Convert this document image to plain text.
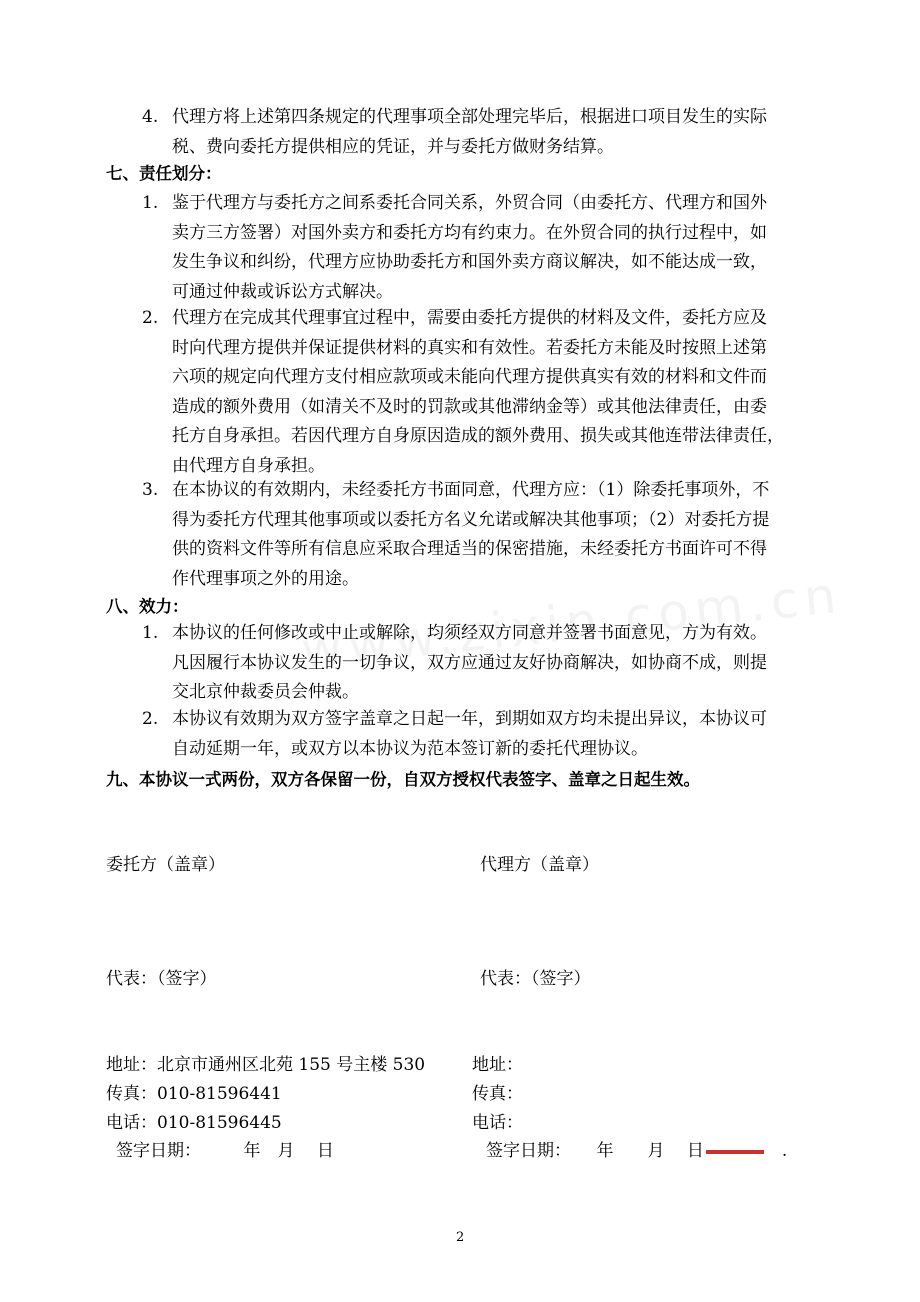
4. 代理方将上述第四条规定的代理事项全部处理完毕后，根据进口项目发生的实际
税、费向委托方提供相应的凭证，并与委托方做财务结算。
七、责任划分：
1. 鉴于代理方与委托方之间系委托合同关系，外贸合同（由委托方、代理方和国外
卖方三方签署）对国外卖方和委托方均有约束力。在外贸合同的执行过程中，如
发生争议和纠纷，代理方应协助委托方和国外卖方商议解决，如不能达成一致，
可通过仲裁或诉讼方式解决。
2. 代理方在完成其代理事宜过程中，需要由委托方提供的材料及文件，委托方应及
时向代理方提供并保证提供材料的真实和有效性。若委托方未能及时按照上述第
六项的规定向代理方支付相应款项或未能向代理方提供真实有效的材料和文件而
造成的额外费用（如清关不及时的罚款或其他滞纳金等）或其他法律责任，由委
托方自身承担。若因代理方自身原因造成的额外费用、损失或其他连带法律责任，
由代理方自身承担。
3. 在本协议的有效期内，未经委托方书面同意，代理方应：（1）除委托事项外，不
得为委托方代理其他事项或以委托方名义允诺或解决其他事项；（2）对委托方提
供的资料文件等所有信息应采取合理适当的保密措施，未经委托方书面许可不得
作代理事项之外的用途。
八、效力：
1. 本协议的任何修改或中止或解除，均须经双方同意并签署书面意见，方为有效。
凡因履行本协议发生的一切争议，双方应通过友好协商解决，如协商不成，则提
交北京仲裁委员会仲裁。
2. 本协议有效期为双方签字盖章之日起一年，到期如双方均未提出异议，本协议可
自动延期一年，或双方以本协议为范本签订新的委托代理协议。
九、本协议一式两份，双方各保留一份，自双方授权代表签字、盖章之日起生效。
委托方（盖章）
代表：（签字）
地址：北京市通州区北苑 155 号主楼 530
传真：010-81596441
电话：010-81596445
签字日期：　　　年　月　 日
代理方（盖章）
代表：（签字）
地址：
传真：
电话：
签字日期：　　年　　月　 日	.
2
